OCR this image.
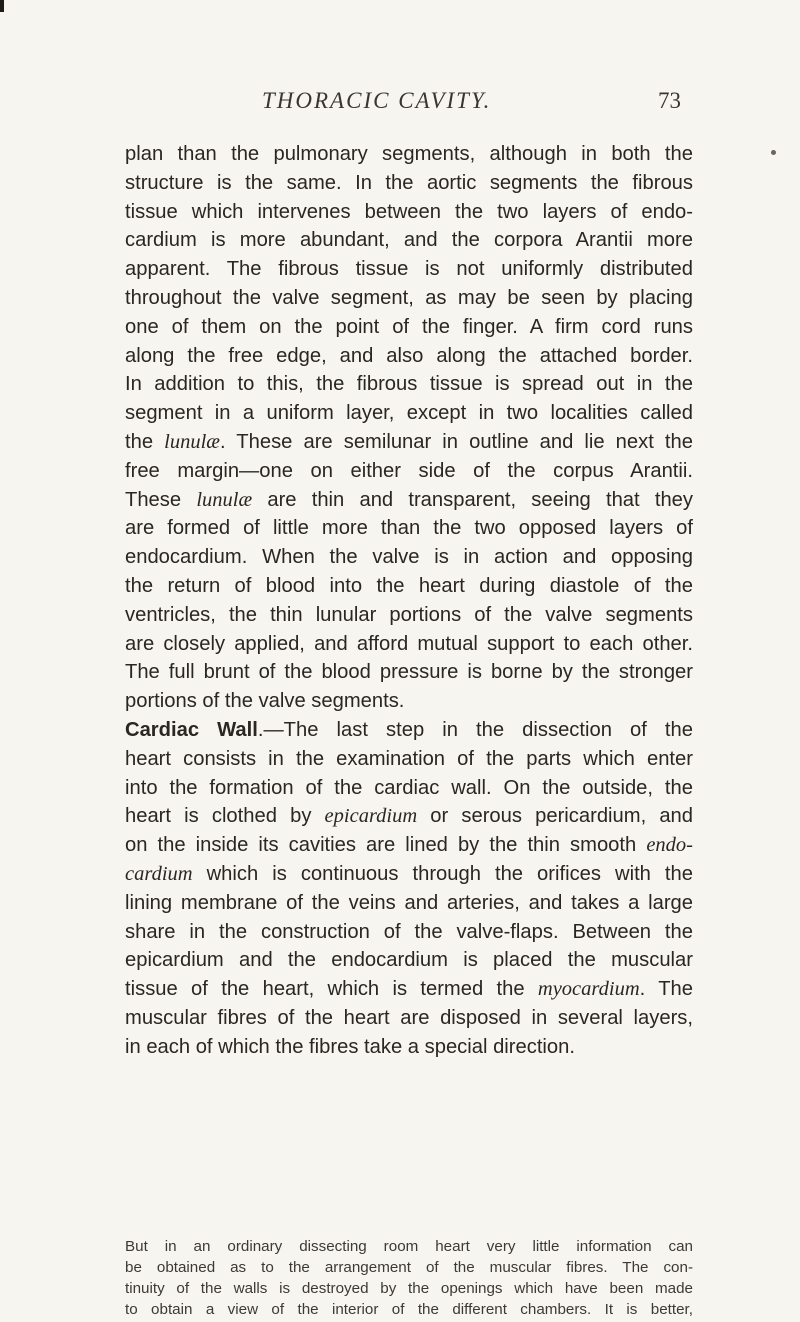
THORACIC CAVITY.	73
plan than the pulmonary segments, although in both the
structure is the same. In the aortic segments the fibrous
tissue which intervenes between the two layers of endo-
cardium is more abundant, and the corpora Arantii more
apparent. The fibrous tissue is not uniformly distributed
throughout the valve segment, as may be seen by placing
one of them on the point of the finger. A firm cord runs
along the free edge, and also along the attached border.
In addition to this, the fibrous tissue is spread out in the
segment in a uniform layer, except in two localities called
the lunulæ. These are semilunar in outline and lie next the
free margin—one on either side of the corpus Arantii.
These lunulæ are thin and transparent, seeing that they
are formed of little more than the two opposed layers of
endocardium. When the valve is in action and opposing
the return of blood into the heart during diastole of the
ventricles, the thin lunular portions of the valve segments
are closely applied, and afford mutual support to each other.
The full brunt of the blood pressure is borne by the stronger
portions of the valve segments.
Cardiac Wall.—The last step in the dissection of the
heart consists in the examination of the parts which enter
into the formation of the cardiac wall. On the outside, the
heart is clothed by epicardium or serous pericardium, and
on the inside its cavities are lined by the thin smooth endo-
cardium which is continuous through the orifices with the
lining membrane of the veins and arteries, and takes a large
share in the construction of the valve-flaps. Between the
epicardium and the endocardium is placed the muscular
tissue of the heart, which is termed the myocardium. The
muscular fibres of the heart are disposed in several layers,
in each of which the fibres take a special direction.
But in an ordinary dissecting room heart very little information can
be obtained as to the arrangement of the muscular fibres. The con-
tinuity of the walls is destroyed by the openings which have been made
to obtain a view of the interior of the different chambers. It is better,
